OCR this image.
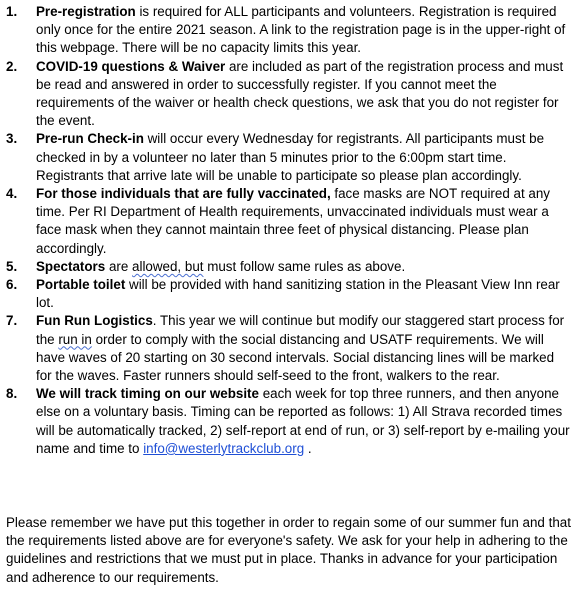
1. Pre-registration is required for ALL participants and volunteers. Registration is required only once for the entire 2021 season. A link to the registration page is in the upper-right of this webpage. There will be no capacity limits this year.
2. COVID-19 questions & Waiver are included as part of the registration process and must be read and answered in order to successfully register. If you cannot meet the requirements of the waiver or health check questions, we ask that you do not register for the event.
3. Pre-run Check-in will occur every Wednesday for registrants. All participants must be checked in by a volunteer no later than 5 minutes prior to the 6:00pm start time. Registrants that arrive late will be unable to participate so please plan accordingly.
4. For those individuals that are fully vaccinated, face masks are NOT required at any time. Per RI Department of Health requirements, unvaccinated individuals must wear a face mask when they cannot maintain three feet of physical distancing. Please plan accordingly.
5. Spectators are allowed, but must follow same rules as above.
6. Portable toilet will be provided with hand sanitizing station in the Pleasant View Inn rear lot.
7. Fun Run Logistics. This year we will continue but modify our staggered start process for the run in order to comply with the social distancing and USATF requirements. We will have waves of 20 starting on 30 second intervals. Social distancing lines will be marked for the waves. Faster runners should self-seed to the front, walkers to the rear.
8. We will track timing on our website each week for top three runners, and then anyone else on a voluntary basis. Timing can be reported as follows: 1) All Strava recorded times will be automatically tracked, 2) self-report at end of run, or 3) self-report by e-mailing your name and time to info@westerlytrackclub.org .

Please remember we have put this together in order to regain some of our summer fun and that the requirements listed above are for everyone's safety. We ask for your help in adhering to the guidelines and restrictions that we must put in place. Thanks in advance for your participation and adherence to our requirements.
